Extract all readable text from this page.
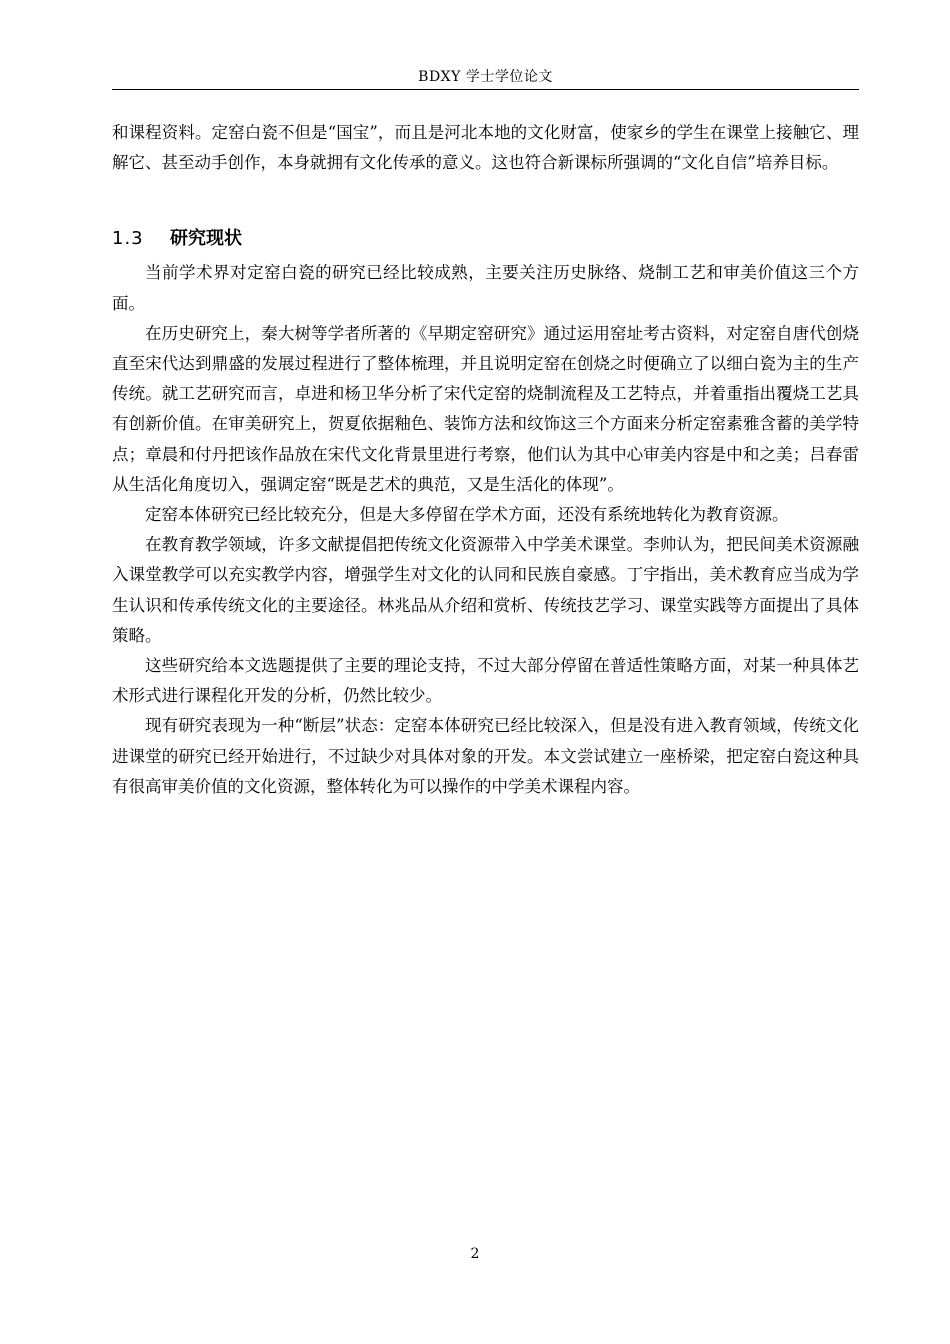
BDXY 学士学位论文

和课程资料。定窑白瓷不但是“国宝”，而且是河北本地的文化财富，使家乡的学生在课堂上接触它、理解它、甚至动手创作，本身就拥有文化传承的意义。这也符合新课标所强调的“文化自信”培养目标。

1.3	研究现状

当前学术界对定窑白瓷的研究已经比较成熟，主要关注历史脉络、烧制工艺和审美价值这三个方面。

在历史研究上，秦大树等学者所著的《早期定窑研究》通过运用窑址考古资料，对定窑自唐代创烧直至宋代达到鼎盛的发展过程进行了整体梳理，并且说明定窑在创烧之时便确立了以细白瓷为主的生产传统。就工艺研究而言，卓进和杨卫华分析了宋代定窑的烧制流程及工艺特点，并着重指出覆烧工艺具有创新价值。在审美研究上，贺夏依据釉色、装饰方法和纹饰这三个方面来分析定窑素雅含蓄的美学特点；章晨和付丹把该作品放在宋代文化背景里进行考察，他们认为其中心审美内容是中和之美；吕春雷从生活化角度切入，强调定窑“既是艺术的典范，又是生活化的体现”。

定窑本体研究已经比较充分，但是大多停留在学术方面，还没有系统地转化为教育资源。

在教育教学领域，许多文献提倡把传统文化资源带入中学美术课堂。李帅认为，把民间美术资源融入课堂教学可以充实教学内容，增强学生对文化的认同和民族自豪感。丁宇指出，美术教育应当成为学生认识和传承传统文化的主要途径。林兆品从介绍和赏析、传统技艺学习、课堂实践等方面提出了具体策略。

这些研究给本文选题提供了主要的理论支持，不过大部分停留在普适性策略方面，对某一种具体艺术形式进行课程化开发的分析，仍然比较少。

现有研究表现为一种“断层”状态：定窑本体研究已经比较深入，但是没有进入教育领域，传统文化进课堂的研究已经开始进行，不过缺少对具体对象的开发。本文尝试建立一座桥梁，把定窑白瓷这种具有很高审美价值的文化资源，整体转化为可以操作的中学美术课程内容。

2
